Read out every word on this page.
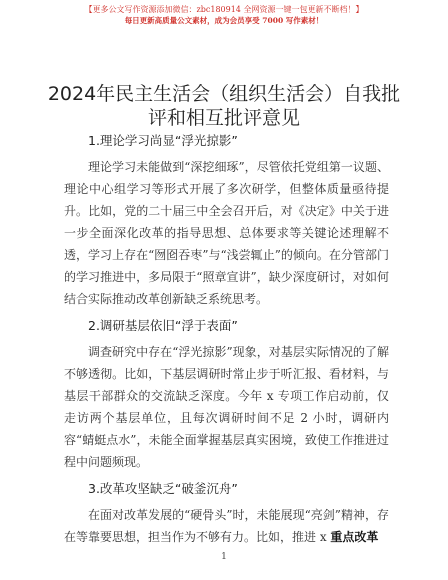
【更多公文写作资源添加微信：zbc180914 全网资源一键一包更新不断档！】
每日更新高质量公文素材，成为会员享受 7000 写作素材！
2024年民主生活会（组织生活会）自我批评和相互批评意见
1.理论学习尚显“浮光掠影”
理论学习未能做到“深挖细琢”，尽管依托党组第一议题、理论中心组学习等形式开展了多次研学，但整体质量亟待提升。比如，党的二十届三中全会召开后，对《决定》中关于进一步全面深化改革的指导思想、总体要求等关键论述理解不透，学习上存在“囫囵吞枣”与“浅尝辄止”的倾向。在分管部门的学习推进中，多局限于“照章宣讲”，缺少深度研讨，对如何结合实际推动改革创新缺乏系统思考。
2.调研基层依旧“浮于表面”
调查研究中存在“浮光掠影”现象，对基层实际情况的了解不够透彻。比如，下基层调研时常止步于听汇报、看材料，与基层干部群众的交流缺乏深度。今年 x 专项工作启动前，仅走访两个基层单位，且每次调研时间不足 2 小时，调研内容“蜻蜓点水”，未能全面掌握基层真实困境，致使工作推进过程中问题频现。
3.改革攻坚缺乏“破釜沉舟”
在面对改革发展的“硬骨头”时，未能展现“亮剑”精神，存在等靠要思想，担当作为不够有力。比如，推进 x 重点改革
1
